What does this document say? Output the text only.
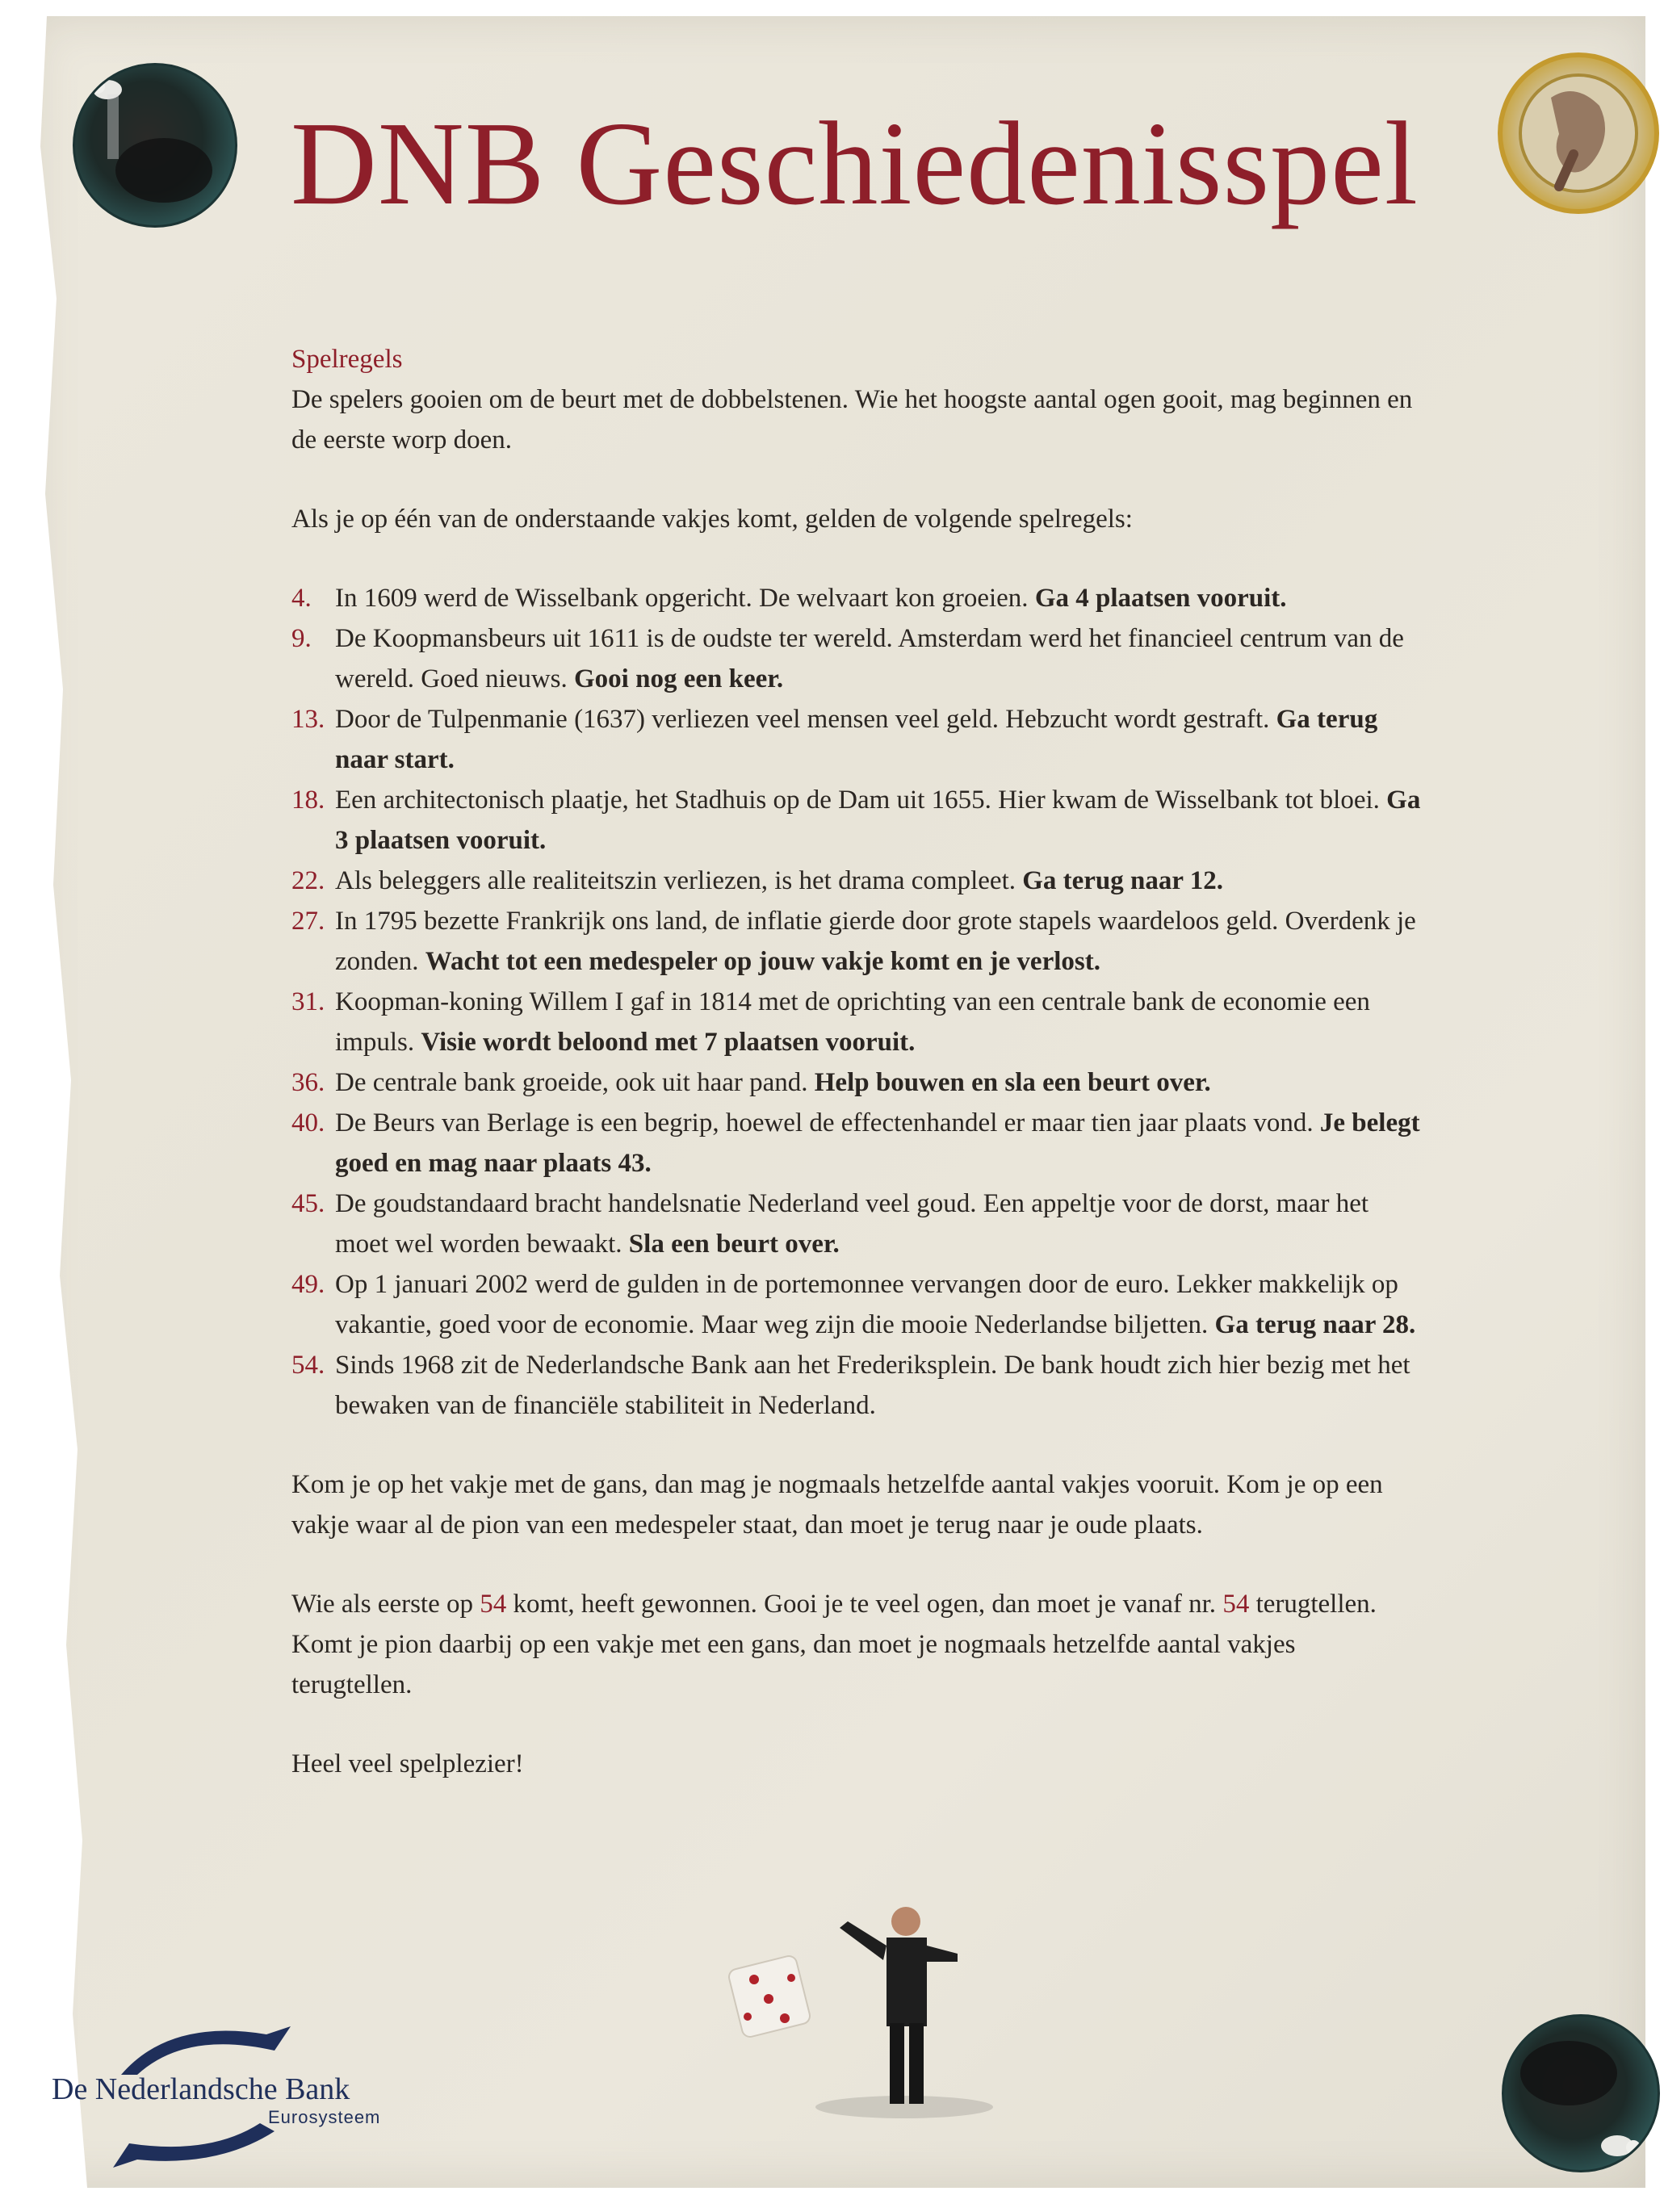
DNB Geschiedenisspel

Spelregels

De spelers gooien om de beurt met de dobbelstenen. Wie het hoogste aantal ogen gooit, mag beginnen en de eerste worp doen.

Als je op één van de onderstaande vakjes komt, gelden de volgende spelregels:

4. In 1609 werd de Wisselbank opgericht. De welvaart kon groeien. Ga 4 plaatsen vooruit.
9. De Koopmansbeurs uit 1611 is de oudste ter wereld. Amsterdam werd het financieel centrum van de wereld. Goed nieuws. Gooi nog een keer.
13. Door de Tulpenmanie (1637) verliezen veel mensen veel geld. Hebzucht wordt gestraft. Ga terug naar start.
18. Een architectonisch plaatje, het Stadhuis op de Dam uit 1655. Hier kwam de Wisselbank tot bloei. Ga 3 plaatsen vooruit.
22. Als beleggers alle realiteitszin verliezen, is het drama compleet. Ga terug naar 12.
27. In 1795 bezette Frankrijk ons land, de inflatie gierde door grote stapels waardeloos geld. Overdenk je zonden. Wacht tot een medespeler op jouw vakje komt en je verlost.
31. Koopman-koning Willem I gaf in 1814 met de oprichting van een centrale bank de economie een impuls. Visie wordt beloond met 7 plaatsen vooruit.
36. De centrale bank groeide, ook uit haar pand. Help bouwen en sla een beurt over.
40. De Beurs van Berlage is een begrip, hoewel de effectenhandel er maar tien jaar plaats vond. Je belegt goed en mag naar plaats 43.
45. De goudstandaard bracht handelsnatie Nederland veel goud. Een appeltje voor de dorst, maar het moet wel worden bewaakt. Sla een beurt over.
49. Op 1 januari 2002 werd de gulden in de portemonnee vervangen door de euro. Lekker makkelijk op vakantie, goed voor de economie. Maar weg zijn die mooie Nederlandse biljetten. Ga terug naar 28.
54. Sinds 1968 zit de Nederlandsche Bank aan het Frederiksplein. De bank houdt zich hier bezig met het bewaken van de financiële stabiliteit in Nederland.

Kom je op het vakje met de gans, dan mag je nogmaals hetzelfde aantal vakjes vooruit. Kom je op een vakje waar al de pion van een medespeler staat, dan moet je terug naar je oude plaats.

Wie als eerste op 54 komt, heeft gewonnen. Gooi je te veel ogen, dan moet je vanaf nr. 54 terugtellen. Komt je pion daarbij op een vakje met een gans, dan moet je nogmaals hetzelfde aantal vakjes terugtellen.

Heel veel spelplezier!

De Nederlandsche Bank
Eurosysteem
